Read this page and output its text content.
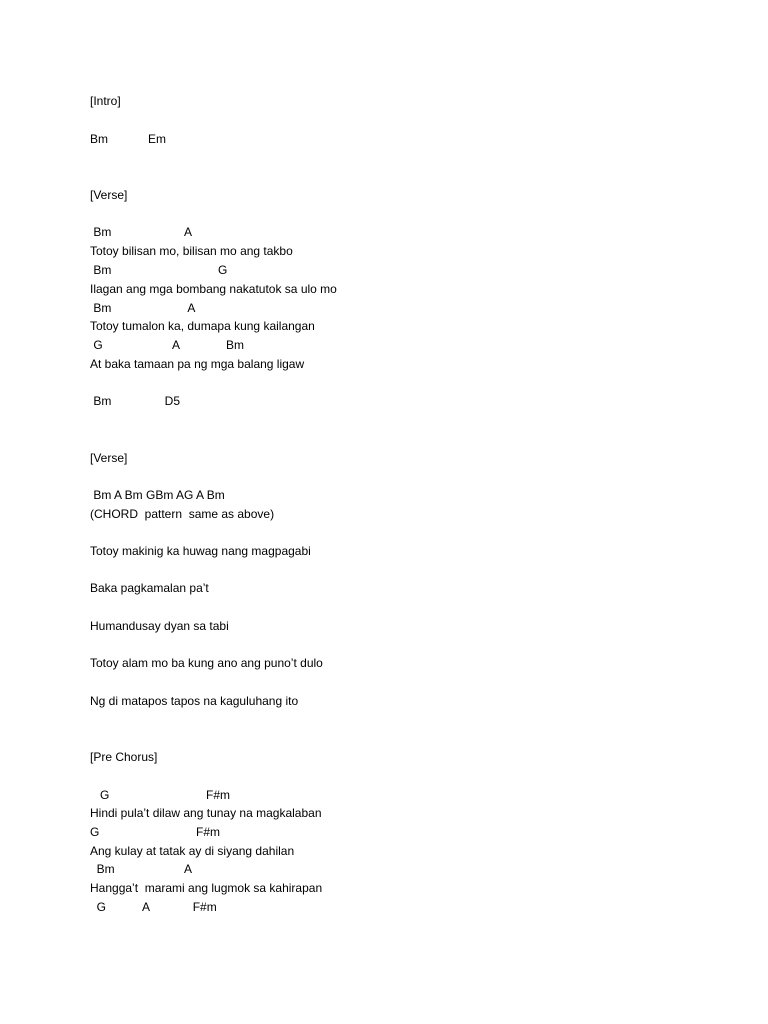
[Intro]
Bm            Em
[Verse]
Bm                      A
Totoy bilisan mo, bilisan mo ang takbo
Bm                                G
Ilagan ang mga bombang nakatutok sa ulo mo
Bm                       A
Totoy tumalon ka, dumapa kung kailangan
G                     A              Bm
At baka tamaan pa ng mga balang ligaw
Bm                D5
[Verse]
Bm A Bm GBm AG A Bm
(CHORD  pattern  same as above)
Totoy makinig ka huwag nang magpagabi
Baka pagkamalan pa’t
Humandusay dyan sa tabi
Totoy alam mo ba kung ano ang puno’t dulo
Ng di matapos tapos na kaguluhang ito
[Pre Chorus]
G                             F#m
Hindi pula’t dilaw ang tunay na magkalaban
G                             F#m
Ang kulay at tatak ay di siyang dahilan
Bm                     A
Hangga’t  marami ang lugmok sa kahirapan
G           A             F#m
